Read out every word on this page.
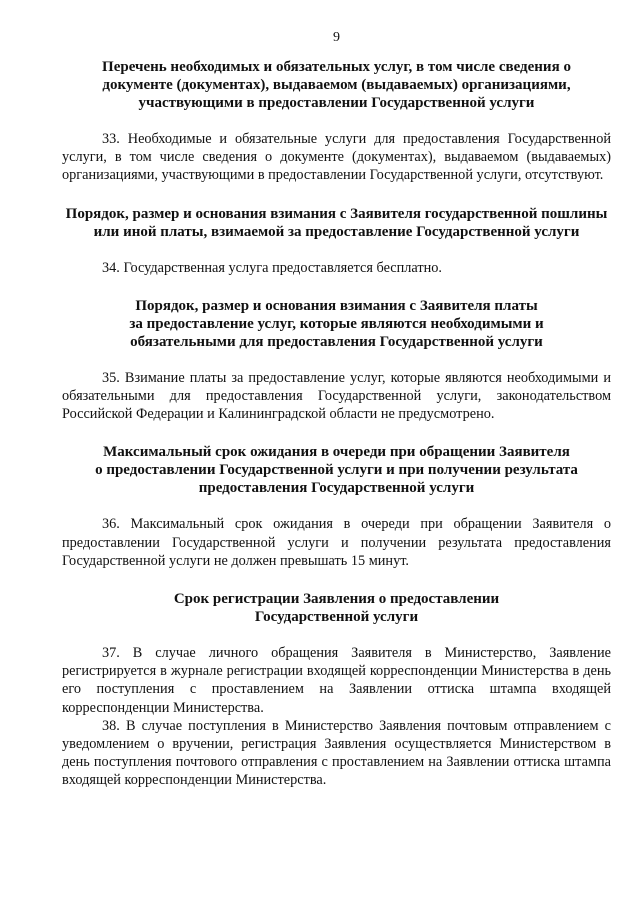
9
Перечень необходимых и обязательных услуг, в том числе сведения о
документе (документах), выдаваемом (выдаваемых) организациями,
участвующими в предоставлении Государственной услуги

33. Необходимые и обязательные услуги для предоставления Государственной услуги, в том числе сведения о документе (документах), выдаваемом (выдаваемых) организациями, участвующими в предоставлении Государственной услуги, отсутствуют.

Порядок, размер и основания взимания с Заявителя государственной пошлины
или иной платы, взимаемой за предоставление Государственной услуги

34. Государственная услуга предоставляется бесплатно.

Порядок, размер и основания взимания с Заявителя платы
за предоставление услуг, которые являются необходимыми и
обязательными для предоставления Государственной услуги

35. Взимание платы за предоставление услуг, которые являются необходимыми и обязательными для предоставления Государственной услуги, законодательством Российской Федерации и Калининградской области не предусмотрено.

Максимальный срок ожидания в очереди при обращении Заявителя
о предоставлении Государственной услуги и при получении результата
предоставления Государственной услуги

36. Максимальный срок ожидания в очереди при обращении Заявителя о предоставлении Государственной услуги и получении результата предоставления Государственной услуги не должен превышать 15 минут.

Срок регистрации Заявления о предоставлении
Государственной услуги

37. В случае личного обращения Заявителя в Министерство, Заявление регистрируется в журнале регистрации входящей корреспонденции Министерства в день его поступления с проставлением на Заявлении оттиска штампа входящей корреспонденции Министерства.

38. В случае поступления в Министерство Заявления почтовым отправлением с уведомлением о вручении, регистрация Заявления осуществляется Министерством в день поступления почтового отправления с проставлением на Заявлении оттиска штампа входящей корреспонденции Министерства.
